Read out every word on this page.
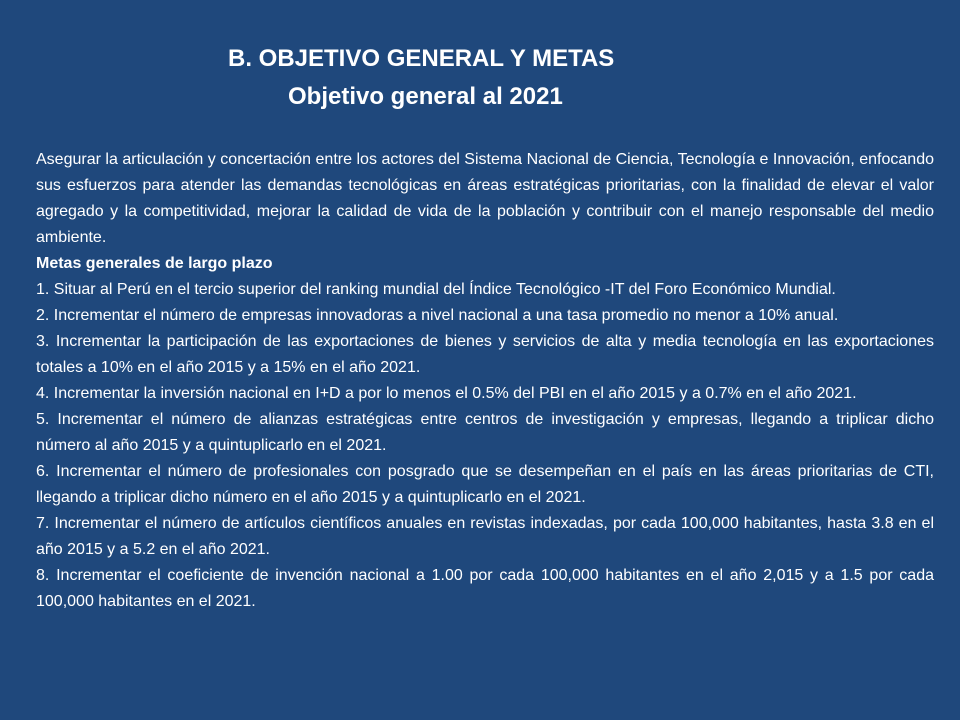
B. OBJETIVO GENERAL Y METAS
Objetivo general al 2021

Asegurar la articulación y concertación entre los actores del Sistema Nacional de Ciencia, Tecnología e Innovación, enfocando sus esfuerzos para atender las demandas tecnológicas en áreas estratégicas prioritarias, con la finalidad de elevar el valor agregado y la competitividad, mejorar la calidad de vida de la población y contribuir con el manejo responsable del medio ambiente.

Metas generales de largo plazo

1. Situar al Perú en el tercio superior del ranking mundial del Índice Tecnológico -IT del Foro Económico Mundial.

2. Incrementar el número de empresas innovadoras a nivel nacional a una tasa promedio no menor a 10% anual.

3. Incrementar la participación de las exportaciones de bienes y servicios de alta y media tecnología en las exportaciones totales a 10% en el año 2015 y a 15% en el año 2021.

4. Incrementar la inversión nacional en I+D a por lo menos el 0.5% del PBI en el año 2015 y a 0.7% en el año 2021.

5. Incrementar el número de alianzas estratégicas entre centros de investigación y empresas, llegando a triplicar dicho número al año 2015 y a quintuplicarlo en el 2021.

6. Incrementar el número de profesionales con posgrado que se desempeñan en el país en las áreas prioritarias de CTI, llegando a triplicar dicho número en el año 2015 y a quintuplicarlo en el 2021.

7. Incrementar el número de artículos científicos anuales en revistas indexadas, por cada 100,000 habitantes, hasta 3.8 en el año 2015 y a 5.2 en el año 2021.

8. Incrementar el coeficiente de invención nacional a 1.00 por cada 100,000 habitantes en el año 2,015 y a 1.5 por cada 100,000 habitantes en el 2021.
